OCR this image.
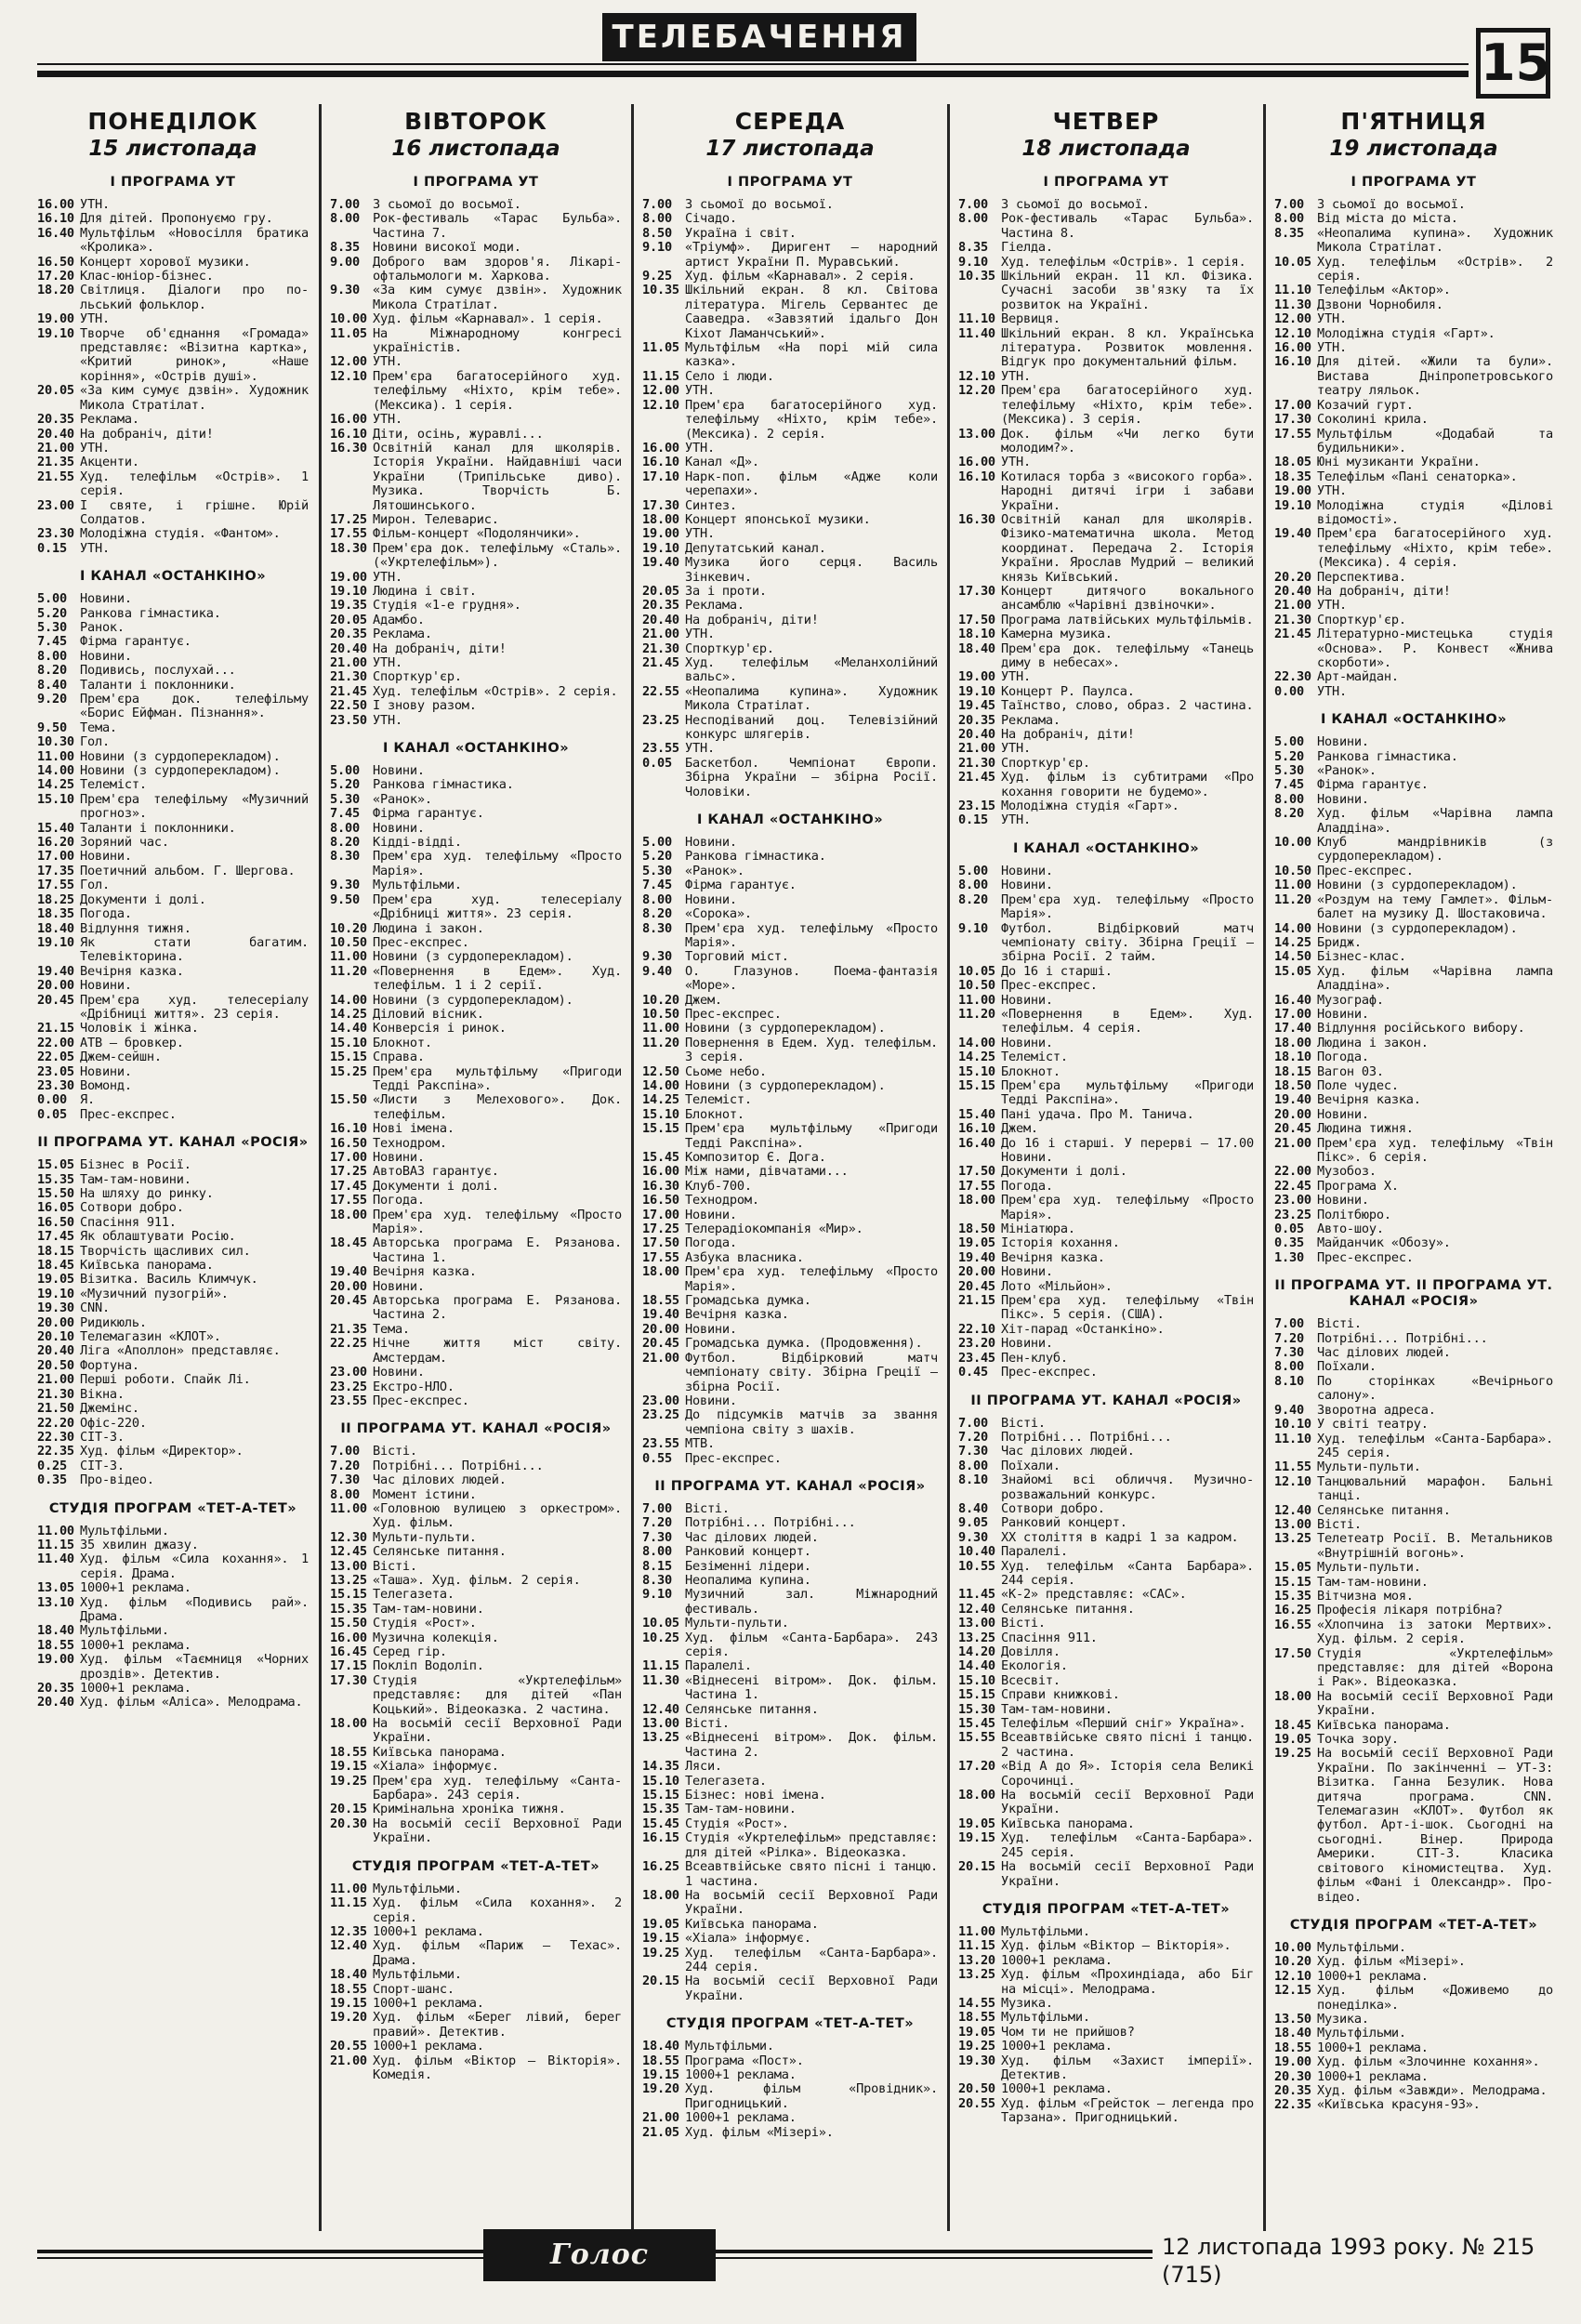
ТЕЛЕБАЧЕННЯ	15
ПОНЕДІЛОК
15 листопада
І ПРОГРАМА УТ
16.00 УТН.
16.10 Для дітей. Пропонуємо гру.
16.40 Мультфільм «Новосілля братика «Кролика».
16.50 Концерт хорової музики.
17.20 Клас-юніор-бізнес.
18.20 Світлиця. Діалоги про по-льський фольклор.
19.00 УТН.
19.10 Творче об'єднання «Громада» представляє: «Візитна картка», «Критий ринок», «Наше коріння», «Острів душі».
20.05 «За ким сумує дзвін». Художник Микола Стратілат.
20.35 Реклама.
20.40 На добраніч, діти!
21.00 УТН.
21.35 Акценти.
21.55 Худ. телефільм «Острів». 1 серія.
23.00 І святе, і грішне. Юрій Солдатов.
23.30 Молодіжна студія. «Фантом».
0.15	УТН.
І КАНАЛ «ОСТАНКІНО»
5.00	Новини.
5.20	Ранкова гімнастика.
5.30	Ранок.
7.45	Фірма гарантує.
8.00	Новини.
8.20	Подивись, послухай...
8.40	Таланти і поклонники.
9.20	Прем'єра док. телефільму «Борис Ейфман. Пізнання».
9.50	Тема.
10.30 Гол.
11.00 Новини (з сурдоперекладом).
14.00 Новини (з сурдоперекладом).
14.25 Телеміст.
15.10 Прем'єра телефільму «Музичний прогноз».
15.40 Таланти і поклонники.
16.20 Зоряний час.
17.00 Новини.
17.35 Поетичний альбом. Г. Шергова.
17.55 Гол.
18.25 Документи і долі.
18.35 Погода.
18.40 Відлуння тижня.
19.10 Як стати багатим. Телевікторина.
19.40 Вечірня казка.
20.00 Новини.
20.45 Прем'єра худ. телесеріалу «Дрібниці життя». 23 серія.
21.15 Чоловік і жінка.
22.00 АТВ — бровкер.
22.05 Джем-сейшн.
23.05 Новини.
23.30 Вомонд.
0.00	Я.
0.05	Прес-експрес.
ІІ ПРОГРАМА УТ. КАНАЛ «РОСІЯ»
15.05 Бізнес в Росії.
15.35 Там-там-новини.
15.50 На шляху до ринку.
16.05 Сотвори добро.
16.50 Спасіння 911.
17.45 Як облаштувати Росію.
18.15 Творчість щасливих сил.
18.45 Київська панорама.
19.05 Візитка. Василь Климчук.
19.10 «Музичний пузогрій».
19.30 CNN.
20.00 Ридикюль.
20.10 Телемагазин «КЛОТ».
20.40 Ліга «Аполлон» представляє.
20.50 Фортуна.
21.00 Перші роботи. Спайк Лі.
21.30 Вікна.
21.50 Джемінс.
22.20 Офіс-220.
22.30 СІТ-3.
22.35 Худ. фільм «Директор».
0.25	СІТ-3.
0.35	Про-відео.
СТУДІЯ ПРОГРАМ «ТЕТ-А-ТЕТ»
11.00 Мультфільми.
11.15 35 хвилин джазу.
11.40 Худ. фільм «Сила кохання». 1 серія. Драма.
13.05 1000+1 реклама.
13.10 Худ. фільм «Подивись рай». Драма.
18.40 Мультфільми.
18.55 1000+1 реклама.
19.00 Худ. фільм «Таємниця «Чорних дроздів». Детектив.
20.35 1000+1 реклама.
20.40 Худ. фільм «Аліса». Мелодрама.
ВІВТОРОК
16 листопада
І ПРОГРАМА УТ
7.00	З сьомої до восьмої.
8.00	Рок-фестиваль «Тарас Бульба». Частина 7.
8.35	Новини високої моди.
9.00	Доброго вам здоров'я. Лікарі-офтальмологи м. Харкова.
9.30	«За ким сумує дзвін». Художник Микола Стратілат.
10.00 Худ. фільм «Карнавал». 1 серія.
11.05 На Міжнародному конгресі україністів.
12.00 УТН.
12.10 Прем'єра багатосерійного худ. телефільму «Ніхто, крім тебе». (Мексика). 1 серія.
16.00 УТН.
16.10 Діти, осінь, журавлі...
16.30 Освітній канал для школярів. Історія України. Найдавніші часи України (Трипільське диво). Музика. Творчість Б. Лятошинського.
17.25 Мирон. Телеварис.
17.55 Фільм-концерт «Подолянчики».
18.30 Прем'єра док. телефільму «Сталь». («Укртелефільм»).
19.00 УТН.
19.10 Людина і світ.
19.35 Студія «1-е грудня».
20.05 Адамбо.
20.35 Реклама.
20.40 На добраніч, діти!
21.00 УТН.
21.30 Спорткур'єр.
21.45 Худ. телефільм «Острів». 2 серія.
22.50 І знову разом.
23.50 УТН.
І КАНАЛ «ОСТАНКІНО»
5.00	Новини.
5.20	Ранкова гімнастика.
5.30	«Ранок».
7.45	Фірма гарантує.
8.00	Новини.
8.20	Кідді-віддi.
8.30	Прем'єра худ. телефільму «Просто Марія».
9.30	Мультфільми.
9.50	Прем'єра худ. телесеріалу «Дрібниці життя». 23 серія.
10.20 Людина і закон.
10.50 Прес-експрес.
11.00 Новини (з сурдоперекладом).
11.20 «Повернення в Едем». Худ. телефільм. 1 і 2 серії.
14.00 Новини (з сурдоперекладом).
14.25 Діловий вісник.
14.40 Конверсія і ринок.
15.10 Блокнот.
15.15 Справа.
15.25 Прем'єра мультфільму «Пригоди Тедді Ракспіна».
15.50 «Листи з Мелехового». Док. телефільм.
16.10 Нові імена.
16.50 Технодром.
17.00 Новини.
17.25 АвтоВАЗ гарантує.
17.45 Документи і долі.
17.55 Погода.
18.00 Прем'єра худ. телефільму «Просто Марія».
18.45 Авторська програма Е. Рязанова. Частина 1.
19.40 Вечірня казка.
20.00 Новини.
20.45 Авторська програма Е. Рязанова. Частина 2.
21.35 Тема.
22.25 Нічне життя міст світу. Амстердам.
23.00 Новини.
23.25 Екстро-НЛО.
23.55 Прес-експрес.
ІІ ПРОГРАМА УТ. КАНАЛ «РОСІЯ»
7.00	Вісті.
7.20	Потрібні... Потрібні...
7.30	Час ділових людей.
8.00	Момент істини.
11.00 «Головною вулицею з оркестром». Худ. фільм.
12.30 Мульти-пульти.
12.45 Селянське питання.
13.00 Вісті.
13.25 «Таша». Худ. фільм. 2 серія.
15.15 Телегазета.
15.35 Там-там-новини.
15.50 Студія «Рост».
16.00 Музична колекція.
16.45 Серед гір.
17.15 Покліп Водоліп.
17.30 Студія «Укртелефільм» представляє: для дітей «Пан Коцький». Відеоказка. 2 частина.
18.00 На восьмій сесії Верховної Ради України.
18.55 Київська панорама.
19.15 «Хіала» інформує.
19.25 Прем'єра худ. телефільму «Санта-Барбара». 243 серія.
20.15 Кримінальна хроніка тижня.
20.30 На восьмій сесії Верховної Ради України.
СТУДІЯ ПРОГРАМ «ТЕТ-А-ТЕТ»
11.00 Мультфільми.
11.15 Худ. фільм «Сила кохання». 2 серія.
12.35 1000+1 реклама.
12.40 Худ. фільм «Париж — Техас». Драма.
18.40 Мультфільми.
18.55 Спорт-шанс.
19.15 1000+1 реклама.
19.20 Худ. фільм «Берег лівий, берег правий». Детектив.
20.55 1000+1 реклама.
21.00 Худ. фільм «Віктор — Вікторія». Комедія.
СЕРЕДА
17 листопада
І ПРОГРАМА УТ
7.00	З сьомої до восьмої.
8.00	Січадо.
8.50	Україна і світ.
9.10	«Тріумф». Диригент — народний артист України П. Муравський.
9.25	Худ. фільм «Карнавал». 2 серія.
10.35 Шкільний екран. 8 кл. Світова література. Мігель Сервантес де Сааведра. «Завзятий ідальго Дон Кіхот Ламанчський».
11.05 Мультфільм «На порі мій сила казка».
11.15 Село і люди.
12.00 УТН.
12.10 Прем'єра багатосерійного худ. телефільму «Ніхто, крім тебе». (Мексика). 2 серія.
16.00 УТН.
16.10 Канал «Д».
17.10 Нарк-поп. фільм «Адже коли черепахи».
17.30 Синтез.
18.00 Концерт японської музики.
19.00 УТН.
19.10 Депутатський канал.
19.40 Музика його серця. Василь Зінкевич.
20.05 За і проти.
20.35 Реклама.
20.40 На добраніч, діти!
21.00 УТН.
21.30 Спорткур'єр.
21.45 Худ. телефільм «Меланхолійний вальс».
22.55 «Неопалима купина». Художник Микола Стратілат.
23.25 Несподіваний доц. Телевізійний конкурс шлягерів.
23.55 УТН.
0.05	Баскетбол. Чемпіонат Європи. Збірна України — збірна Росії. Чоловіки.
І КАНАЛ «ОСТАНКІНО»
5.00	Новини.
5.20	Ранкова гімнастика.
5.30	«Ранок».
7.45	Фірма гарантує.
8.00	Новини.
8.20	«Сорока».
8.30	Прем'єра худ. телефільму «Просто Марія».
9.30	Торговий міст.
9.40	О. Глазунов. Поема-фантазія «Море».
10.20 Джем.
10.50 Прес-експрес.
11.00 Новини (з сурдоперекладом).
11.20 Повернення в Едем. Худ. телефільм. 3 серія.
12.50 Сьоме небо.
14.00 Новини (з сурдоперекладом).
14.25 Телеміст.
15.10 Блокнот.
15.15 Прем'єра мультфільму «Пригоди Тедді Ракспіна».
15.45 Композитор Є. Дога.
16.00 Між нами, дівчатами...
16.30 Клуб-700.
16.50 Технодром.
17.00 Новини.
17.25 Телерадіокомпанія «Мир».
17.50 Погода.
17.55 Азбука власника.
18.00 Прем'єра худ. телефільму «Просто Марія».
18.55 Громадська думка.
19.40 Вечірня казка.
20.00 Новини.
20.45 Громадська думка. (Продовження).
21.00 Футбол. Відбірковий матч чемпіонату світу. Збірна Греції — збірна Росії.
23.00 Новини.
23.25 До підсумків матчів за звання чемпіона світу з шахів.
23.55 МТВ.
0.55	Прес-експрес.
ІІ ПРОГРАМА УТ. КАНАЛ «РОСІЯ»
7.00	Вісті.
7.20	Потрібні... Потрібні...
7.30	Час ділових людей.
8.00	Ранковий концерт.
8.15	Безіменні лідери.
8.30	Неопалима купина.
9.10	Музичний зал. Міжнародний фестиваль.
10.05 Мульти-пульти.
10.25 Худ. фільм «Санта-Барбара». 243 серія.
11.15 Паралелі.
11.30 «Віднесені вітром». Док. фільм. Частина 1.
12.40 Селянське питання.
13.00 Вісті.
13.25 «Віднесені вітром». Док. фільм. Частина 2.
14.35 Ляси.
15.10 Телегазета.
15.15 Бізнес: нові імена.
15.35 Там-там-новини.
15.45 Студія «Рост».
16.15 Студія «Укртелефільм» представляє: для дітей «Рілка». Відеоказка.
16.25 Всеавтвійське свято пісні і танцю. 1 частина.
18.00 На восьмій сесії Верховної Ради України.
19.05 Київська панорама.
19.15 «Хіала» інформує.
19.25 Худ. телефільм «Санта-Барбара». 244 серія.
20.15 На восьмій сесії Верховної Ради України.
СТУДІЯ ПРОГРАМ «ТЕТ-А-ТЕТ»
18.40 Мультфільми.
18.55 Програма «Пост».
19.15 1000+1 реклама.
19.20 Худ. фільм «Провідник». Пригодницький.
21.00 1000+1 реклама.
21.05 Худ. фільм «Мізері».
ЧЕТВЕР
18 листопада
І ПРОГРАМА УТ
7.00	З сьомої до восьмої.
8.00	Рок-фестиваль «Тарас Бульба». Частина 8.
8.35	Гіелда.
9.10	Худ. телефільм «Острів». 1 серія.
10.35 Шкільний екран. 11 кл. Фізика. Сучасні засоби зв'язку та їх розвиток на Україні.
11.10 Вервиця.
11.40 Шкільний екран. 8 кл. Українська література. Розвиток мовлення. Відгук про документальний фільм.
12.10 УТН.
12.20 Прем'єра багатосерійного худ. телефільму «Ніхто, крім тебе». (Мексика). 3 серія.
13.00 Док. фільм «Чи легко бути молодим?».
16.00 УТН.
16.10 Котилася торба з «високого горба». Народні дитячі ігри і забави України.
16.30 Освітній канал для школярів. Фізико-математична школа. Метод координат. Передача 2. Історія України. Ярослав Мудрий — великий князь Київський.
17.30 Концерт дитячого вокального ансамблю «Чарівні дзвіночки».
17.50 Програма латвійських мультфільмів.
18.10 Камерна музика.
18.40 Прем'єра док. телефільму «Танець диму в небесах».
19.00 УТН.
19.10 Концерт Р. Паулса.
19.45 Таїнство, слово, образ. 2 частина.
20.35 Реклама.
20.40 На добраніч, діти!
21.00 УТН.
21.30 Спорткур'єр.
21.45 Худ. фільм із субтитрами «Про кохання говорити не будемо».
23.15 Молодіжна студія «Гарт».
0.15	УТН.
І КАНАЛ «ОСТАНКІНО»
5.00	Новини.
8.00	Новини.
8.20	Прем'єра худ. телефільму «Просто Марія».
9.10	Футбол. Відбірковий матч чемпіонату світу. Збірна Греції — збірна Росії. 2 тайм.
10.05 До 16 і старші.
10.50 Прес-експрес.
11.00 Новини.
11.20 «Повернення в Едем». Худ. телефільм. 4 серія.
14.00 Новини.
14.25 Телеміст.
15.10 Блокнот.
15.15 Прем'єра мультфільму «Пригоди Тедді Ракспіна».
15.40 Пані удача. Про М. Танича.
16.10 Джем.
16.40 До 16 і старші. У перерві — 17.00 Новини.
17.50 Документи і долі.
17.55 Погода.
18.00 Прем'єра худ. телефільму «Просто Марія».
18.50 Мініатюра.
19.05 Історія кохання.
19.40 Вечірня казка.
20.00 Новини.
20.45 Лото «Мільйон».
21.15 Прем'єра худ. телефільму «Твін Пікс». 5 серія. (США).
22.10 Хіт-парад «Останкіно».
23.20 Новини.
23.45 Пен-клуб.
0.45	Прес-експрес.
ІІ ПРОГРАМА УТ. КАНАЛ «РОСІЯ»
7.00	Вісті.
7.20	Потрібні... Потрібні...
7.30	Час ділових людей.
8.00	Поїхали.
8.10	Знайомі всі обличчя. Музично-розважальний конкурс.
8.40	Сотвори добро.
9.05	Ранковий концерт.
9.30	XX століття в кадрі 1 за кадром.
10.40 Паралелі.
10.55 Худ. телефільм «Санта Барбара». 244 серія.
11.45 «К-2» представляє: «САС».
12.40 Селянське питання.
13.00 Вісті.
13.25 Спасіння 911.
14.20 Довілля.
14.40 Екологія.
15.10 Всесвіт.
15.15 Справи книжкові.
15.30 Там-там-новини.
15.45 Телефільм «Перший сніг» Україна».
15.55 Всеавтвійське свято пісні і танцю. 2 частина.
17.20 «Від А до Я». Історія села Великі Сорочинці.
18.00 На восьмій сесії Верховної Ради України.
19.05 Київська панорама.
19.15 Худ. телефільм «Санта-Барбара». 245 серія.
20.15 На восьмій сесії Верховної Ради України.
СТУДІЯ ПРОГРАМ «ТЕТ-А-ТЕТ»
11.00 Мультфільми.
11.15 Худ. фільм «Віктор — Вікторія».
13.20 1000+1 реклама.
13.25 Худ. фільм «Прохиндіада, або Біг на місці». Мелодрама.
14.55 Музика.
18.55 Мультфільми.
19.05 Чом ти не прийшов?
19.25 1000+1 реклама.
19.30 Худ. фільм «Захист імперії». Детектив.
20.50 1000+1 реклама.
20.55 Худ. фільм «Грейсток — легенда про Тарзана». Пригодницький.
П'ЯТНИЦЯ
19 листопада
І ПРОГРАМА УТ
7.00	З сьомої до восьмої.
8.00	Від міста до міста.
8.35	«Неопалима купина». Художник Микола Стратілат.
10.05 Худ. телефільм «Острів». 2 серія.
11.10 Телефільм «Актор».
11.30 Дзвони Чорнобиля.
12.00 УТН.
12.10 Молодіжна студія «Гарт».
16.00 УТН.
16.10 Для дітей. «Жили та були». Вистава Дніпропетровського театру ляльок.
17.00 Козачий гурт.
17.30 Соколині крила.
17.55 Мультфільм «Додабай та будильники».
18.05 Юні музиканти України.
18.35 Телефільм «Пані сенаторка».
19.00 УТН.
19.10 Молодіжна студія «Ділові відомості».
19.40 Прем'єра багатосерійного худ. телефільму «Ніхто, крім тебе». (Мексика). 4 серія.
20.20 Перспектива.
20.40 На добраніч, діти!
21.00 УТН.
21.30 Спорткур'єр.
21.45 Літературно-мистецька студія «Основа». Р. Конвест «Жнива скорботи».
22.30 Арт-майдан.
0.00	УТН.
І КАНАЛ «ОСТАНКІНО»
5.00	Новини.
5.20	Ранкова гімнастика.
5.30	«Ранок».
7.45	Фірма гарантує.
8.00	Новини.
8.20	Худ. фільм «Чарівна лампа Аладдіна».
10.00 Клуб мандрівників (з сурдоперекладом).
10.50 Прес-експрес.
11.00 Новини (з сурдоперекладом).
11.20 «Роздум на тему Гамлет». Фільм-балет на музику Д. Шостаковича.
14.00 Новини (з сурдоперекладом).
14.25 Бридж.
14.50 Бізнес-клас.
15.05 Худ. фільм «Чарівна лампа Аладдіна».
16.40 Музограф.
17.00 Новини.
17.40 Відлуння російського вибору.
18.00 Людина і закон.
18.10 Погода.
18.15 Вагон 03.
18.50 Поле чудес.
19.40 Вечірня казка.
20.00 Новини.
20.45 Людина тижня.
21.00 Прем'єра худ. телефільму «Твін Пікс». 6 серія.
22.00 Музобоз.
22.45 Програма X.
23.00 Новини.
23.25 Політбюро.
0.05	Авто-шоу.
0.35	Майданчик «Обозу».
1.30	Прес-експрес.
ІІ ПРОГРАМА УТ. ІІ ПРОГРАМА УТ. КАНАЛ «РОСІЯ»
7.00	Вісті.
7.20	Потрібні... Потрібні...
7.30	Час ділових людей.
8.00	Поїхали.
8.10	По сторінках «Вечірнього салону».
9.40	Зворотна адреса.
10.10 У світі театру.
11.10 Худ. телефільм «Санта-Барбара». 245 серія.
11.55 Мульти-пульти.
12.10 Танцювальний марафон. Бальні танці.
12.40 Селянське питання.
13.00 Вісті.
13.25 Телетеатр Росії. В. Метальников «Внутрішній вогонь».
15.05 Мульти-пульти.
15.15 Там-там-новини.
15.35 Вітчизна моя.
16.25 Професія лікаря потрібна?
16.55 «Хлопчина із затоки Мертвих». Худ. фільм. 2 серія.
17.50 Студія «Укртелефільм» представляє: для дітей «Ворона і Рак». Відеоказка.
18.00 На восьмій сесії Верховної Ради України.
18.45 Київська панорама.
19.05 Точка зору.
19.25 На восьмій сесії Верховної Ради України. По закінченні — УТ-3: Візитка. Ганна Безулик. Нова дитяча програма. CNN. Телемагазин «КЛОТ». Футбол як футбол. Арт-і-шок. Сьогодні на сьогодні. Вінер. Природа Америки. СІТ-3. Класика світового кіномистецтва. Худ. фільм «Фані і Олександр». Про-відео.
СТУДІЯ ПРОГРАМ «ТЕТ-А-ТЕТ»
10.00 Мультфільми.
10.20 Худ. фільм «Мізері».
12.10 1000+1 реклама.
12.15 Худ. фільм «Доживемо до понеділка».
13.50 Музика.
18.40 Мультфільми.
18.55 1000+1 реклама.
19.00 Худ. фільм «Злочинне кохання».
20.30 1000+1 реклама.
20.35 Худ. фільм «Завжди». Мелодрама.
22.35 «Київська красуня-93».
Голос України
12 листопада 1993 року. № 215 (715)
